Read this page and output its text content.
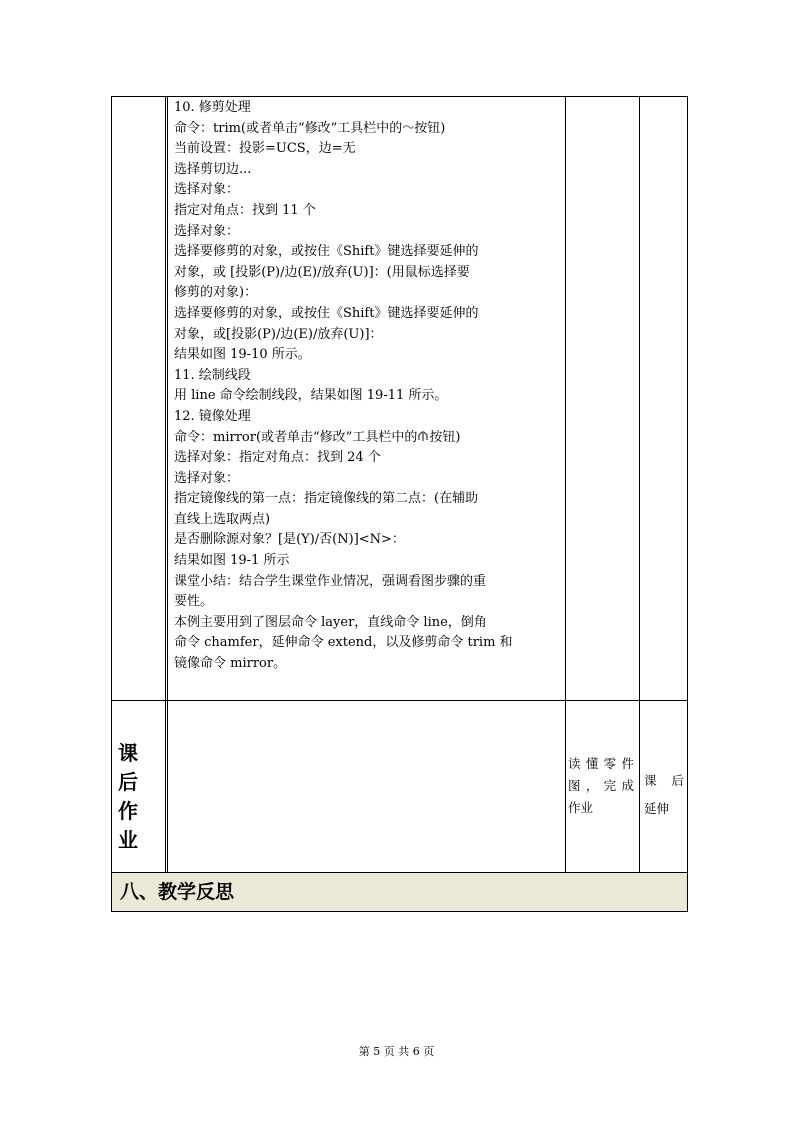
10. 修剪处理
命令：trim(或者单击“修改”工具栏中的 按钮)
当前设置：投影=UCS，边=无
选择剪切边...
选择对象：
指定对角点：找到 11 个
选择对象：
选择要修剪的对象，或按住《Shift》键选择要延伸的
对象，或 [投影(P)/边(E)/放弃(U)]：(用鼠标选择要
修剪的对象)：
选择要修剪的对象，或按住《Shift》键选择要延伸的
对象，或[投影(P)/边(E)/放弃(U)]：
结果如图 19-10 所示。
11. 绘制线段
用 line 命令绘制线段，结果如图 19-11 所示。
12. 镜像处理
命令：mirror(或者单击“修改”工具栏中的 按钮)
选择对象：指定对角点：找到 24 个
选择对象：
指定镜像线的第一点：指定镜像线的第二点：(在辅助
直线上选取两点)
是否删除源对象？[是(Y)/否(N)]<N>：
结果如图 19-1 所示
课堂小结：结合学生课堂作业情况，强调看图步骤的重
要性。
本例主要用到了图层命令 layer，直线命令 line，倒角
命令 chamfer，延伸命令 extend，以及修剪命令 trim 和
镜像命令 mirror。
课
后
作
业
读懂零件
图，完成
作业
课后
延伸
八、教学反思
第 5 页 共 6 页
